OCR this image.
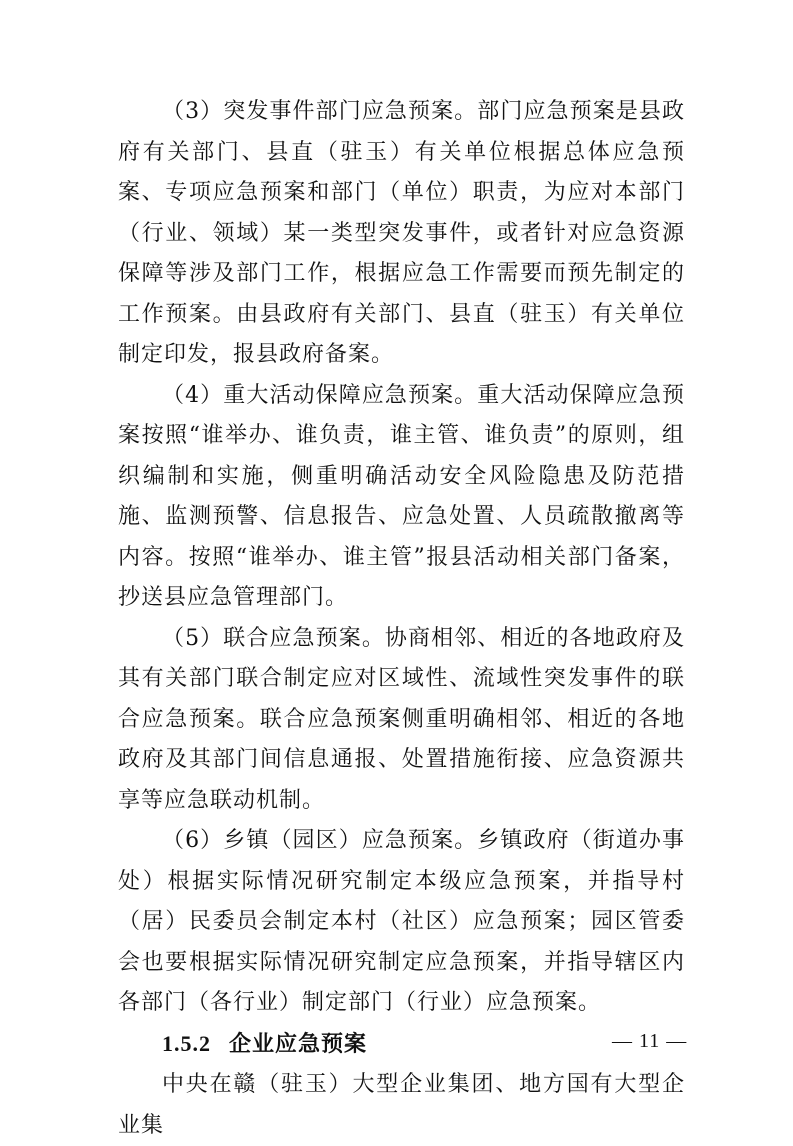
（3）突发事件部门应急预案。部门应急预案是县政府有关部门、县直（驻玉）有关单位根据总体应急预案、专项应急预案和部门（单位）职责，为应对本部门（行业、领域）某一类型突发事件，或者针对应急资源保障等涉及部门工作，根据应急工作需要而预先制定的工作预案。由县政府有关部门、县直（驻玉）有关单位制定印发，报县政府备案。

（4）重大活动保障应急预案。重大活动保障应急预案按照“谁举办、谁负责，谁主管、谁负责”的原则，组织编制和实施，侧重明确活动安全风险隐患及防范措施、监测预警、信息报告、应急处置、人员疏散撤离等内容。按照“谁举办、谁主管”报县活动相关部门备案，抄送县应急管理部门。

（5）联合应急预案。协商相邻、相近的各地政府及其有关部门联合制定应对区域性、流域性突发事件的联合应急预案。联合应急预案侧重明确相邻、相近的各地政府及其部门间信息通报、处置措施衔接、应急资源共享等应急联动机制。

（6）乡镇（园区）应急预案。乡镇政府（街道办事处）根据实际情况研究制定本级应急预案，并指导村（居）民委员会制定本村（社区）应急预案；园区管委会也要根据实际情况研究制定应急预案，并指导辖区内各部门（各行业）制定部门（行业）应急预案。

1.5.2 企业应急预案

中央在赣（驻玉）大型企业集团、地方国有大型企业集

— 11 —
